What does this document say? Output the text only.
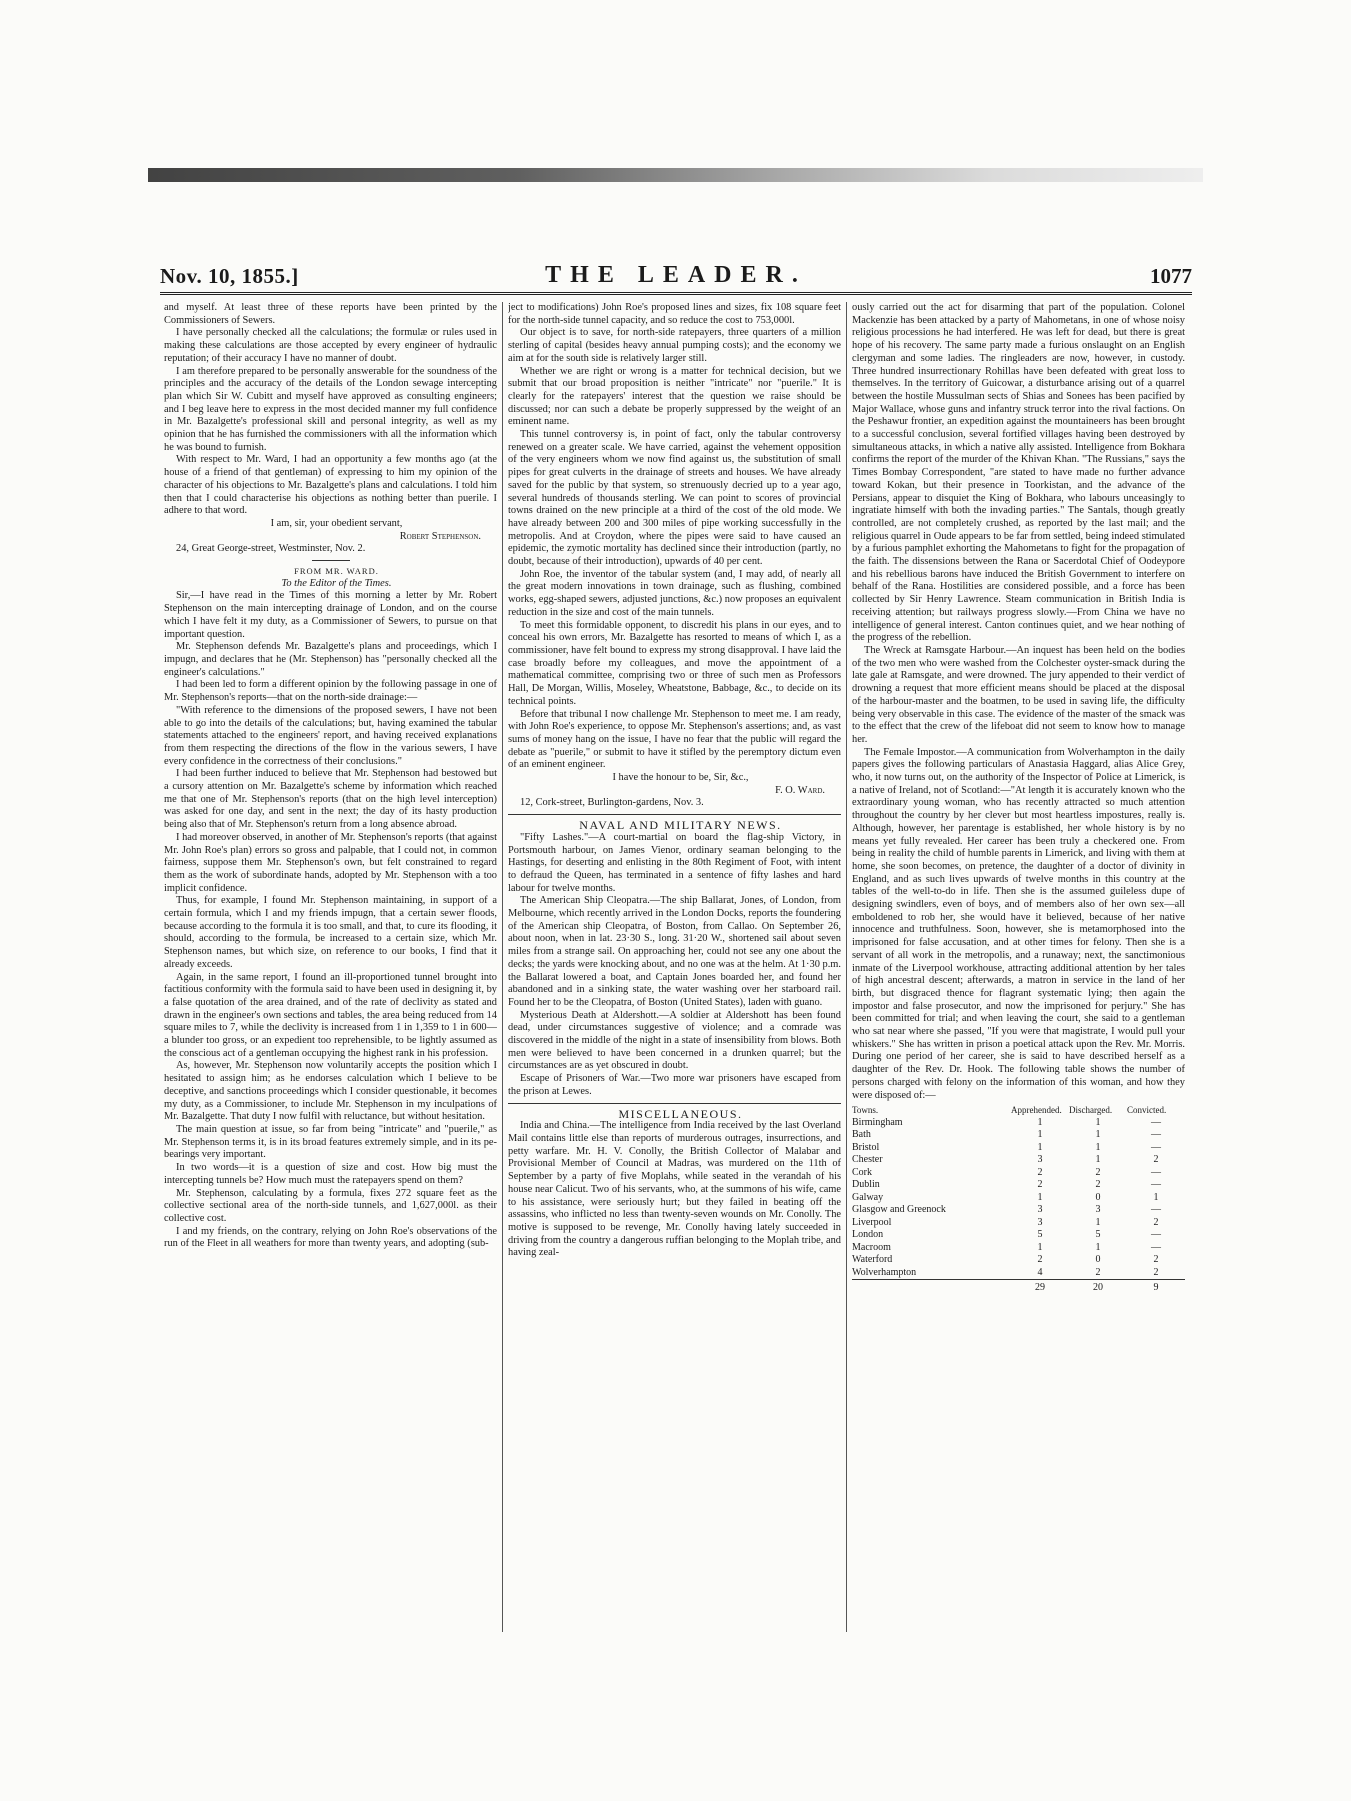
Nov. 10, 1855.]	THE LEADER.	1077

and myself. At least three of these reports have been printed by the Commissioners of Sewers.

I have personally checked all the calculations; the formulæ or rules used in making these calculations are those accepted by every engineer of hydraulic reputation; of their accuracy I have no manner of doubt.

I am therefore prepared to be personally answerable for the soundness of the principles and the accuracy of the details of the London sewage intercepting plan which Sir W. Cubitt and myself have approved as consulting engineers; and I beg leave here to express in the most decided manner my full confidence in Mr. Bazalgette's professional skill and personal integrity, as well as my opinion that he has furnished the commissioners with all the information which he was bound to furnish.

With respect to Mr. Ward, I had an opportunity a few months ago (at the house of a friend of that gentleman) of expressing to him my opinion of the character of his objections to Mr. Bazalgette's plans and calculations. I told him then that I could characterise his objections as nothing better than puerile. I adhere to that word.

I am, sir, your obedient servant,

Robert Stephenson.

24, Great George-street, Westminster, Nov. 2.

FROM MR. WARD.

To the Editor of the Times.

Sir,—I have read in the Times of this morning a letter by Mr. Robert Stephenson on the main intercepting drainage of London, and on the course which I have felt it my duty, as a Commissioner of Sewers, to pursue on that important question.

Mr. Stephenson defends Mr. Bazalgette's plans and proceedings, which I impugn, and declares that he (Mr. Stephenson) has "personally checked all the engineer's calculations."

I had been led to form a different opinion by the following passage in one of Mr. Stephenson's reports—that on the north-side drainage:—

"With reference to the dimensions of the proposed sewers, I have not been able to go into the details of the calculations; but, having examined the tabular statements attached to the engineers' report, and having received explanations from them respecting the directions of the flow in the various sewers, I have every confidence in the correctness of their conclusions."

I had been further induced to believe that Mr. Stephenson had bestowed but a cursory attention on Mr. Bazalgette's scheme by information which reached me that one of Mr. Stephenson's reports (that on the high level interception) was asked for one day, and sent in the next; the day of its hasty production being also that of Mr. Stephenson's return from a long absence abroad.

I had moreover observed, in another of Mr. Stephenson's reports (that against Mr. John Roe's plan) errors so gross and palpable, that I could not, in common fairness, suppose them Mr. Stephenson's own, but felt constrained to regard them as the work of subordinate hands, adopted by Mr. Stephenson with a too implicit confidence.

Thus, for example, I found Mr. Stephenson maintaining, in support of a certain formula, which I and my friends impugn, that a certain sewer floods, because according to the formula it is too small, and that, to cure its flooding, it should, according to the formula, be increased to a certain size, which Mr. Stephenson names, but which size, on reference to our books, I find that it already exceeds.

Again, in the same report, I found an ill-proportioned tunnel brought into factitious conformity with the formula said to have been used in designing it, by a false quotation of the area drained, and of the rate of declivity as stated and drawn in the engineer's own sections and tables, the area being reduced from 14 square miles to 7, while the declivity is increased from 1 in 1,359 to 1 in 600—a blunder too gross, or an expedient too reprehensible, to be lightly assumed as the conscious act of a gentleman occupying the highest rank in his profession.

As, however, Mr. Stephenson now voluntarily accepts the position which I hesitated to assign him; as he endorses calculation which I believe to be deceptive, and sanctions proceedings which I consider questionable, it becomes my duty, as a Commissioner, to include Mr. Stephenson in my inculpations of Mr. Bazalgette. That duty I now fulfil with reluctance, but without hesitation.

The main question at issue, so far from being "intricate" and "puerile," as Mr. Stephenson terms it, is in its broad features extremely simple, and in its pe-bearings very important.

In two words—it is a question of size and cost. How big must the intercepting tunnels be? How much must the ratepayers spend on them?

Mr. Stephenson, calculating by a formula, fixes 272 square feet as the collective sectional area of the north-side tunnels, and 1,627,000l. as their collective cost.

I and my friends, on the contrary, relying on John Roe's observations of the run of the Fleet in all weathers for more than twenty years, and adopting (sub-

ject to modifications) John Roe's proposed lines and sizes, fix 108 square feet for the north-side tunnel capacity, and so reduce the cost to 753,000l.

Our object is to save, for north-side ratepayers, three quarters of a million sterling of capital (besides heavy annual pumping costs); and the economy we aim at for the south side is relatively larger still.

Whether we are right or wrong is a matter for technical decision, but we submit that our broad proposition is neither "intricate" nor "puerile." It is clearly for the ratepayers' interest that the question we raise should be discussed; nor can such a debate be properly suppressed by the weight of an eminent name.

This tunnel controversy is, in point of fact, only the tabular controversy renewed on a greater scale. We have carried, against the vehement opposition of the very engineers whom we now find against us, the substitution of small pipes for great culverts in the drainage of streets and houses. We have already saved for the public by that system, so strenuously decried up to a year ago, several hundreds of thousands sterling. We can point to scores of provincial towns drained on the new principle at a third of the cost of the old mode. We have already between 200 and 300 miles of pipe working successfully in the metropolis. And at Croydon, where the pipes were said to have caused an epidemic, the zymotic mortality has declined since their introduction (partly, no doubt, because of their introduction), upwards of 40 per cent.

John Roe, the inventor of the tabular system (and, I may add, of nearly all the great modern innovations in town drainage, such as flushing, combined works, egg-shaped sewers, adjusted junctions, &c.) now proposes an equivalent reduction in the size and cost of the main tunnels.

To meet this formidable opponent, to discredit his plans in our eyes, and to conceal his own errors, Mr. Bazalgette has resorted to means of which I, as a commissioner, have felt bound to express my strong disapproval. I have laid the case broadly before my colleagues, and move the appointment of a mathematical committee, comprising two or three of such men as Professors Hall, De Morgan, Willis, Moseley, Wheatstone, Babbage, &c., to decide on its technical points.

Before that tribunal I now challenge Mr. Stephenson to meet me. I am ready, with John Roe's experience, to oppose Mr. Stephenson's assertions; and, as vast sums of money hang on the issue, I have no fear that the public will regard the debate as "puerile," or submit to have it stifled by the peremptory dictum even of an eminent engineer.

I have the honour to be, Sir, &c.,

F. O. Ward.

12, Cork-street, Burlington-gardens, Nov. 3.

NAVAL AND MILITARY NEWS.

"Fifty Lashes."—A court-martial on board the flag-ship Victory, in Portsmouth harbour, on James Vienor, ordinary seaman belonging to the Hastings, for deserting and enlisting in the 80th Regiment of Foot, with intent to defraud the Queen, has terminated in a sentence of fifty lashes and hard labour for twelve months.

The American Ship Cleopatra.—The ship Ballarat, Jones, of London, from Melbourne, which recently arrived in the London Docks, reports the foundering of the American ship Cleopatra, of Boston, from Callao. On September 26, about noon, when in lat. 23·30 S., long. 31·20 W., shortened sail about seven miles from a strange sail. On approaching her, could not see any one about the decks; the yards were knocking about, and no one was at the helm. At 1·30 p.m. the Ballarat lowered a boat, and Captain Jones boarded her, and found her abandoned and in a sinking state, the water washing over her starboard rail. Found her to be the Cleopatra, of Boston (United States), laden with guano.

Mysterious Death at Aldershott.—A soldier at Aldershott has been found dead, under circumstances suggestive of violence; and a comrade was discovered in the middle of the night in a state of insensibility from blows. Both men were believed to have been concerned in a drunken quarrel; but the circumstances are as yet obscured in doubt.

Escape of Prisoners of War.—Two more war prisoners have escaped from the prison at Lewes.

MISCELLANEOUS.

India and China.—The intelligence from India received by the last Overland Mail contains little else than reports of murderous outrages, insurrections, and petty warfare. Mr. H. V. Conolly, the British Collector of Malabar and Provisional Member of Council at Madras, was murdered on the 11th of September by a party of five Moplahs, while seated in the verandah of his house near Calicut. Two of his servants, who, at the summons of his wife, came to his assistance, were seriously hurt; but they failed in beating off the assassins, who inflicted no less than twenty-seven wounds on Mr. Conolly. The motive is supposed to be revenge, Mr. Conolly having lately succeeded in driving from the country a dangerous ruffian belonging to the Moplah tribe, and having zeal-

ously carried out the act for disarming that part of the population. Colonel Mackenzie has been attacked by a party of Mahometans, in one of whose noisy religious processions he had interfered. He was left for dead, but there is great hope of his recovery. The same party made a furious onslaught on an English clergyman and some ladies. The ringleaders are now, however, in custody. Three hundred insurrectionary Rohillas have been defeated with great loss to themselves. In the territory of Guicowar, a disturbance arising out of a quarrel between the hostile Mussulman sects of Shias and Sonees has been pacified by Major Wallace, whose guns and infantry struck terror into the rival factions. On the Peshawur frontier, an expedition against the mountaineers has been brought to a successful conclusion, several fortified villages having been destroyed by simultaneous attacks, in which a native ally assisted. Intelligence from Bokhara confirms the report of the murder of the Khivan Khan. "The Russians," says the Times Bombay Correspondent, "are stated to have made no further advance toward Kokan, but their presence in Toorkistan, and the advance of the Persians, appear to disquiet the King of Bokhara, who labours unceasingly to ingratiate himself with both the invading parties." The Santals, though greatly controlled, are not completely crushed, as reported by the last mail; and the religious quarrel in Oude appears to be far from settled, being indeed stimulated by a furious pamphlet exhorting the Mahometans to fight for the propagation of the faith. The dissensions between the Rana or Sacerdotal Chief of Oodeypore and his rebellious barons have induced the British Government to interfere on behalf of the Rana. Hostilities are considered possible, and a force has been collected by Sir Henry Lawrence. Steam communication in British India is receiving attention; but railways progress slowly.—From China we have no intelligence of general interest. Canton continues quiet, and we hear nothing of the progress of the rebellion.

The Wreck at Ramsgate Harbour.—An inquest has been held on the bodies of the two men who were washed from the Colchester oyster-smack during the late gale at Ramsgate, and were drowned. The jury appended to their verdict of drowning a request that more efficient means should be placed at the disposal of the harbour-master and the boatmen, to be used in saving life, the difficulty being very observable in this case. The evidence of the master of the smack was to the effect that the crew of the lifeboat did not seem to know how to manage her.

The Female Impostor.—A communication from Wolverhampton in the daily papers gives the following particulars of Anastasia Haggard, alias Alice Grey, who, it now turns out, on the authority of the Inspector of Police at Limerick, is a native of Ireland, not of Scotland:—"At length it is accurately known who the extraordinary young woman, who has recently attracted so much attention throughout the country by her clever but most heartless impostures, really is. Although, however, her parentage is established, her whole history is by no means yet fully revealed. Her career has been truly a checkered one. From being in reality the child of humble parents in Limerick, and living with them at home, she soon becomes, on pretence, the daughter of a doctor of divinity in England, and as such lives upwards of twelve months in this country at the tables of the well-to-do in life. Then she is the assumed guileless dupe of designing swindlers, even of boys, and of members also of her own sex—all emboldened to rob her, she would have it believed, because of her native innocence and truthfulness. Soon, however, she is metamorphosed into the imprisoned for false accusation, and at other times for felony. Then she is a servant of all work in the metropolis, and a runaway; next, the sanctimonious inmate of the Liverpool workhouse, attracting additional attention by her tales of high ancestral descent; afterwards, a matron in service in the land of her birth, but disgraced thence for flagrant systematic lying; then again the impostor and false prosecutor, and now the imprisoned for perjury." She has been committed for trial; and when leaving the court, she said to a gentleman who sat near where she passed, "If you were that magistrate, I would pull your whiskers." She has written in prison a poetical attack upon the Rev. Mr. Morris. During one period of her career, she is said to have described herself as a daughter of the Rev. Dr. Hook. The following table shows the number of persons charged with felony on the information of this woman, and how they were disposed of:—

Towns.	Apprehended.	Discharged.	Convicted.
Birmingham	1	1	—
Bath	1	1	—
Bristol	1	1	—
Chester	3	1	2
Cork	2	2	—
Dublin	2	2	—
Galway	1	0	1
Glasgow and Greenock	3	3	—
Liverpool	3	1	2
London	5	5	—
Macroom	1	1	—
Waterford	2	0	2
Wolverhampton	4	2	2
	29	20	9
